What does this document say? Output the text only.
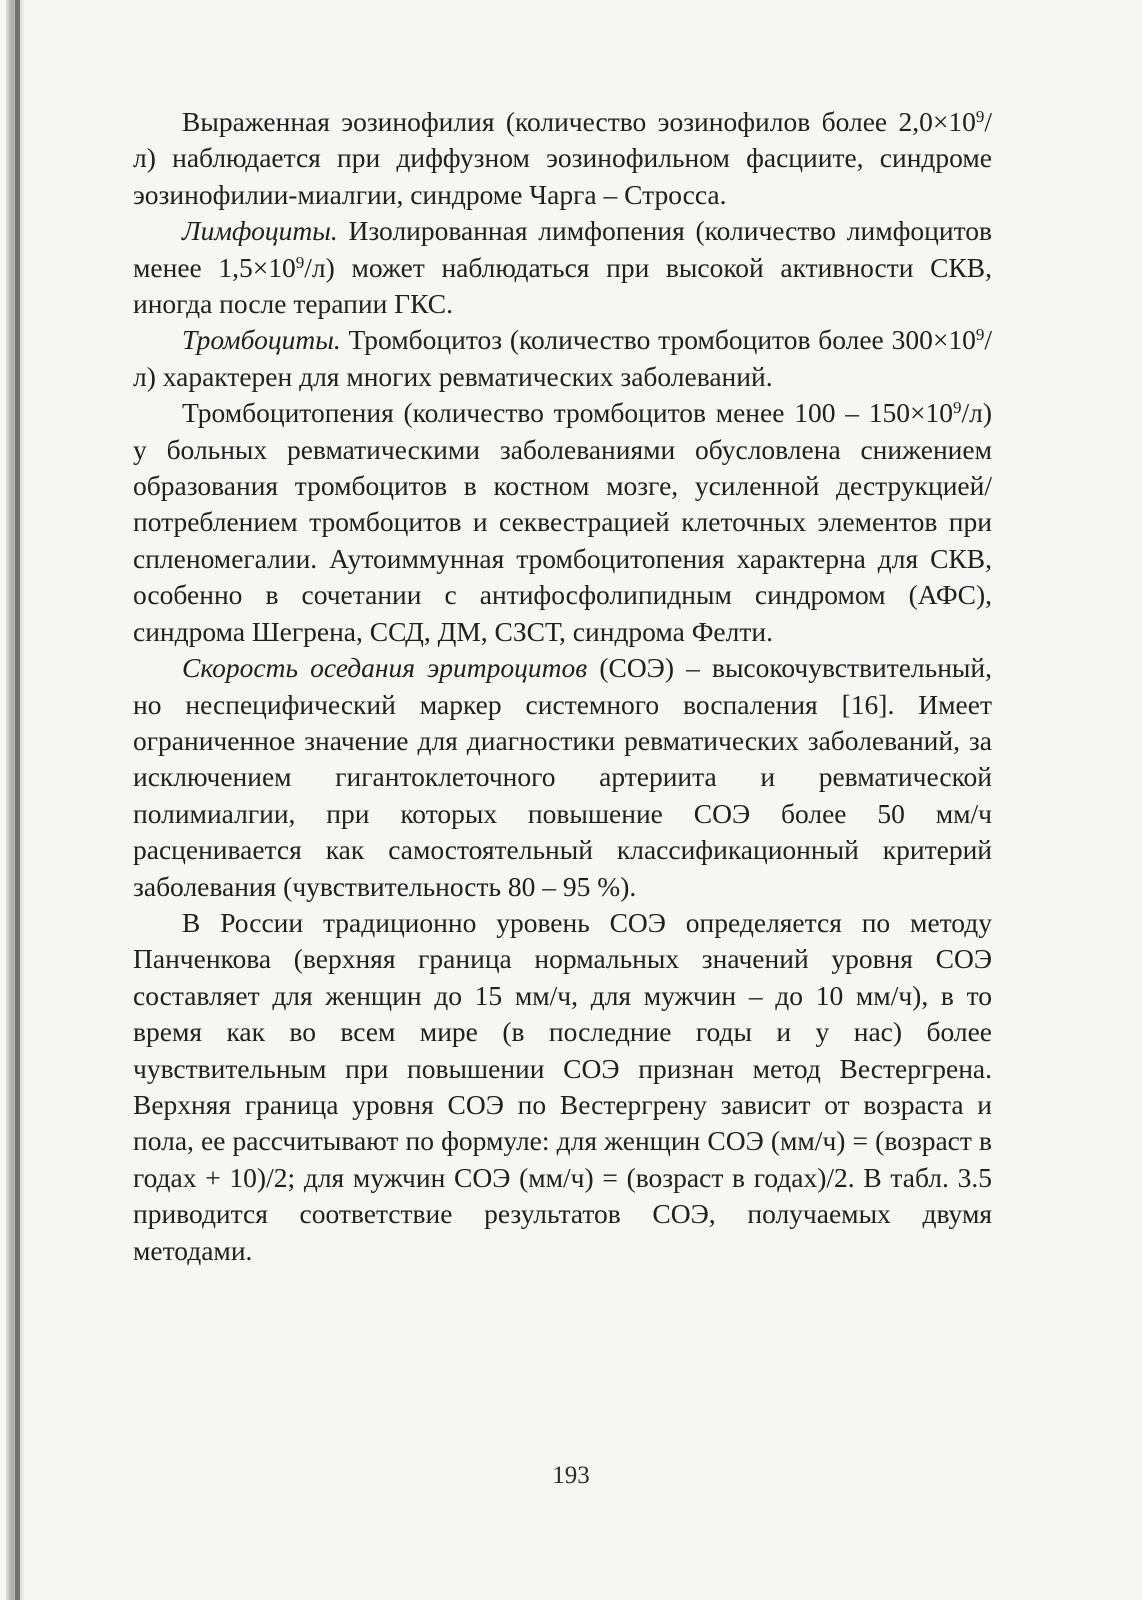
Выраженная эозинофилия (количество эозинофилов более $2,0\times 10^9/л$) наблюдается при диффузном эозинофильном фасциите, синдроме эозинофилии-миалгии, синдроме Чарга – Стросса.

Лимфоциты. Изолированная лимфопения (количество лимфоцитов менее $1,5\times 10^9/л$) может наблюдаться при высокой активности СКВ, иногда после терапии ГКС.

Тромбоциты. Тромбоцитоз (количество тромбоцитов более $300\times 10^9/л$) характерен для многих ревматических заболеваний.

Тромбоцитопения (количество тромбоцитов менее $100 - 150\times 10^9/л$) у больных ревматическими заболеваниями обусловлена снижением образования тромбоцитов в костном мозге, усиленной деструкцией/потреблением тромбоцитов и секвестрацией клеточных элементов при спленомегалии. Аутоиммунная тромбоцитопения характерна для СКВ, особенно в сочетании с антифосфолипидным синдромом (АФС), синдрома Шегрена, ССД, ДМ, СЗСТ, синдрома Фелти.

Скорость оседания эритроцитов (СОЭ) – высокочувствительный, но неспецифический маркер системного воспаления [16]. Имеет ограниченное значение для диагностики ревматических заболеваний, за исключением гигантоклеточного артериита и ревматической полимиалгии, при которых повышение СОЭ более 50 мм/ч расценивается как самостоятельный классификационный критерий заболевания (чувствительность 80 – 95 %).

В России традиционно уровень СОЭ определяется по методу Панченкова (верхняя граница нормальных значений уровня СОЭ составляет для женщин до 15 мм/ч, для мужчин – до 10 мм/ч), в то время как во всем мире (в последние годы и у нас) более чувствительным при повышении СОЭ признан метод Вестергрена. Верхняя граница уровня СОЭ по Вестергрену зависит от возраста и пола, ее рассчитывают по формуле: для женщин СОЭ (мм/ч) = (возраст в годах + 10)/2; для мужчин СОЭ (мм/ч) = (возраст в годах)/2. В табл. 3.5 приводится соответствие результатов СОЭ, получаемых двумя методами.

193
